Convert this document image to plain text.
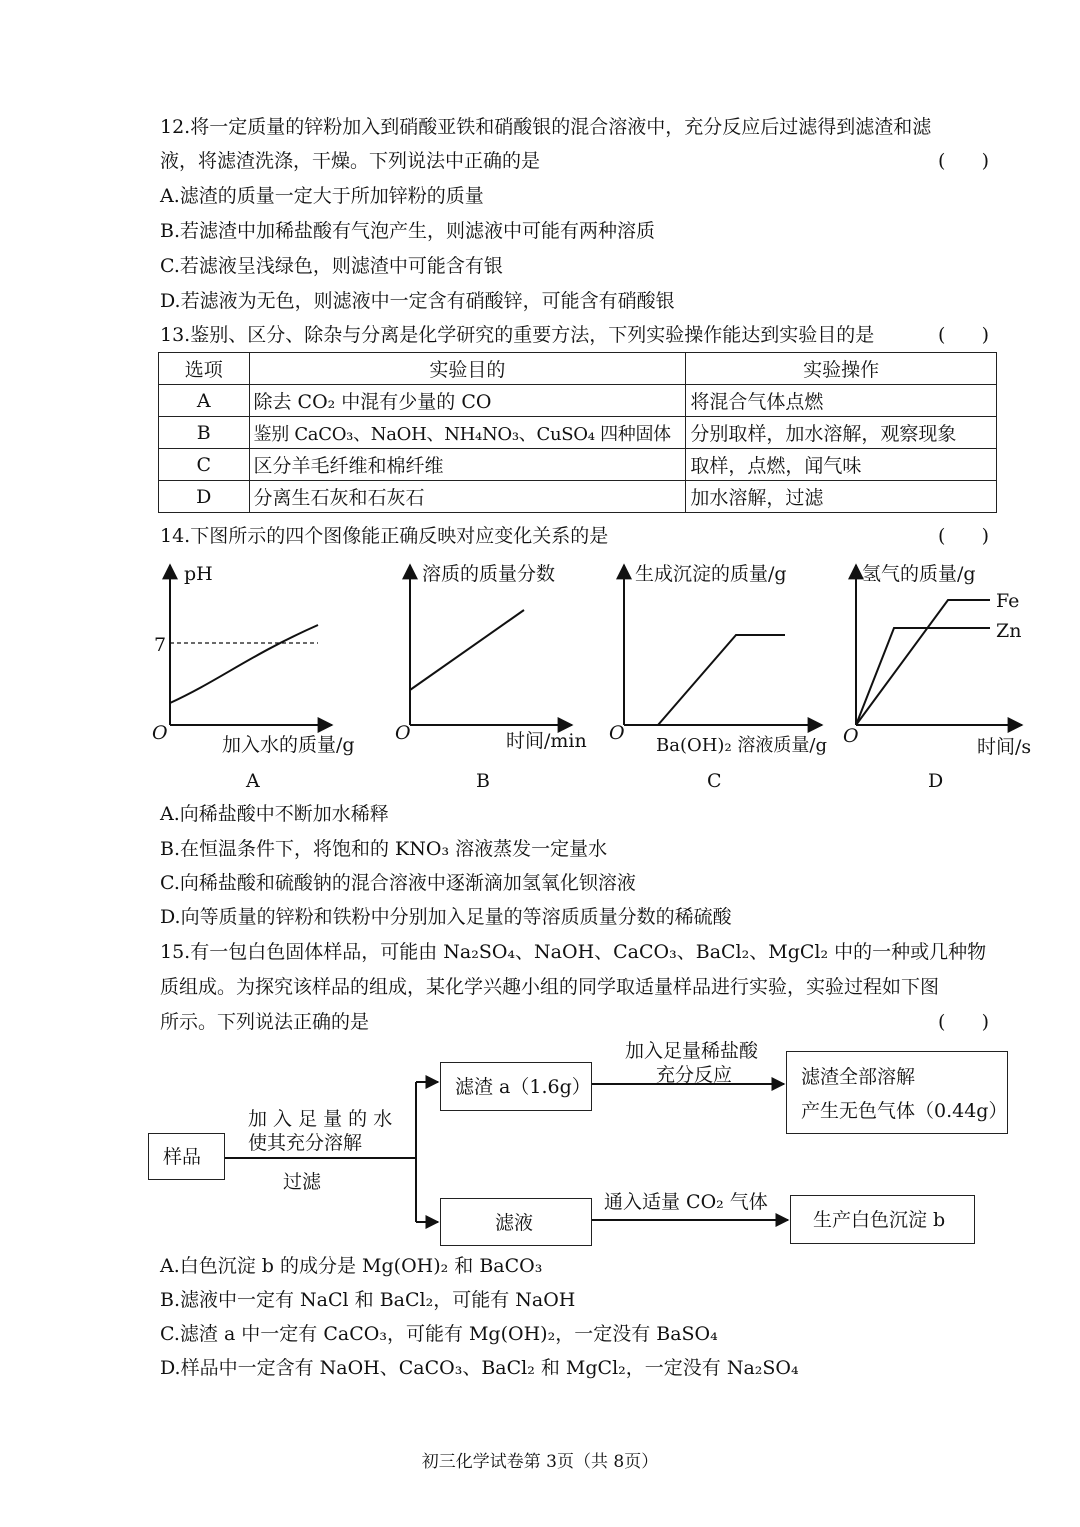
12.将一定质量的锌粉加入到硝酸亚铁和硝酸银的混合溶液中，充分反应后过滤得到滤渣和滤
液，将滤渣洗涤，干燥。下列说法中正确的是	(      )
A.滤渣的质量一定大于所加锌粉的质量
B.若滤渣中加稀盐酸有气泡产生，则滤液中可能有两种溶质
C.若滤液呈浅绿色，则滤渣中可能含有银
D.若滤液为无色，则滤液中一定含有硝酸锌，可能含有硝酸银
13.鉴别、区分、除杂与分离是化学研究的重要方法，下列实验操作能达到实验目的是	(      )
选项	实验目的	实验操作
A	除去 CO₂ 中混有少量的 CO	将混合气体点燃
B	鉴别 CaCO₃、NaOH、NH₄NO₃、CuSO₄ 四种固体	分别取样，加水溶解，观察现象
C	区分羊毛纤维和棉纤维	取样，点燃，闻气味
D	分离生石灰和石灰石	加水溶解，过滤
14.下图所示的四个图像能正确反映对应变化关系的是	(      )
pH
7
O
加入水的质量/g
A
溶质的质量分数
O	时间/min
B
生成沉淀的质量/g
O
Ba(OH)₂ 溶液质量/g
C
氢气的质量/g
O	时间/s
Fe
Zn
D
A.向稀盐酸中不断加水稀释
B.在恒温条件下，将饱和的 KNO₃ 溶液蒸发一定量水
C.向稀盐酸和硫酸钠的混合溶液中逐渐滴加氢氧化钡溶液
D.向等质量的锌粉和铁粉中分别加入足量的等溶质质量分数的稀硫酸
15.有一包白色固体样品，可能由 Na₂SO₄、NaOH、CaCO₃、BaCl₂、MgCl₂ 中的一种或几种物
质组成。为探究该样品的组成，某化学兴趣小组的同学取适量样品进行实验，实验过程如下图
所示。下列说法正确的是	(      )
样品
加 入 足 量 的 水
使其充分溶解
过滤
滤渣 a（1.6g）
加入足量稀盐酸
充分反应	滤渣全部溶解
产生无色气体（0.44g）
滤液
通入适量 CO₂ 气体
生产白色沉淀 b
A.白色沉淀 b 的成分是 Mg(OH)₂ 和 BaCO₃
B.滤液中一定有 NaCl 和 BaCl₂，可能有 NaOH
C.滤渣 a 中一定有 CaCO₃，可能有 Mg(OH)₂，一定没有 BaSO₄
D.样品中一定含有 NaOH、CaCO₃、BaCl₂ 和 MgCl₂，一定没有 Na₂SO₄
初三化学试卷第 3页（共 8页）
